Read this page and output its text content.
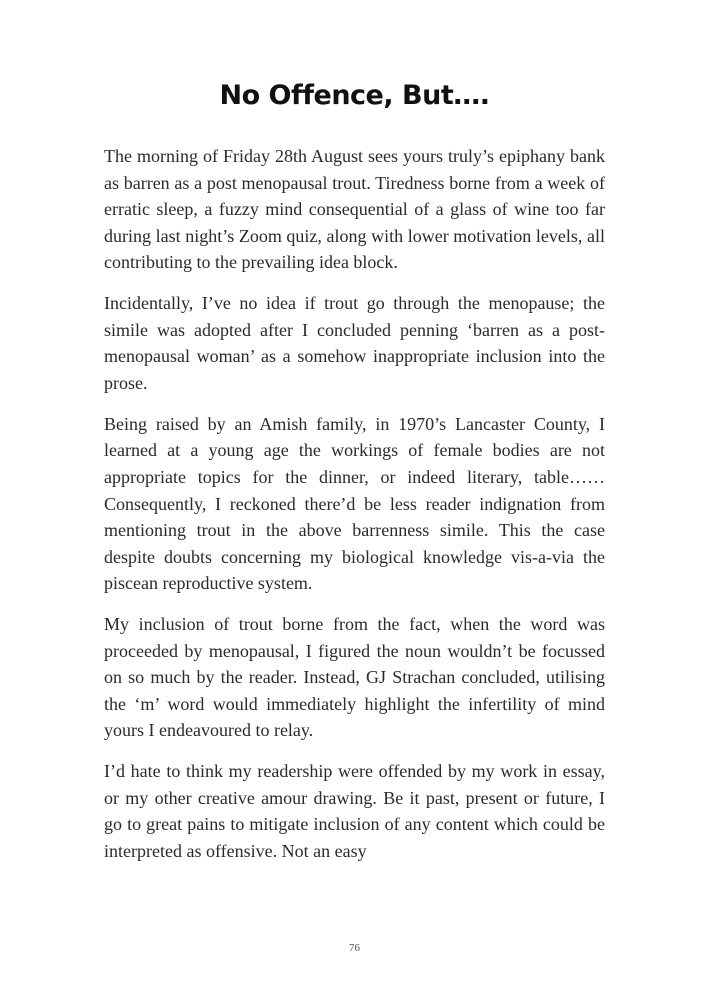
No Offence, But….

The morning of Friday 28th August sees yours truly’s epiphany bank as barren as a post menopausal trout. Tiredness borne from a week of erratic sleep, a fuzzy mind consequential of a glass of wine too far during last night’s Zoom quiz, along with lower motivation levels, all contributing to the prevailing idea block.

Incidentally, I’ve no idea if trout go through the menopause; the simile was adopted after I concluded penning ‘barren as a post-menopausal woman’ as a somehow inappropriate inclusion into the prose.

Being raised by an Amish family, in 1970’s Lancaster County, I learned at a young age the workings of female bodies are not appropriate topics for the dinner, or indeed literary, table…… Consequently, I reckoned there’d be less reader indignation from mentioning trout in the above barrenness simile. This the case despite doubts concerning my biological knowledge vis-a-via the piscean reproductive system.

My inclusion of trout borne from the fact, when the word was proceeded by menopausal, I figured the noun wouldn’t be focussed on so much by the reader. Instead, GJ Strachan concluded, utilising the ‘m’ word would immediately highlight the infertility of mind yours I endeavoured to relay.

I’d hate to think my readership were offended by my work in essay, or my other creative amour drawing. Be it past, present or future, I go to great pains to mitigate inclusion of any content which could be interpreted as offensive. Not an easy

76
